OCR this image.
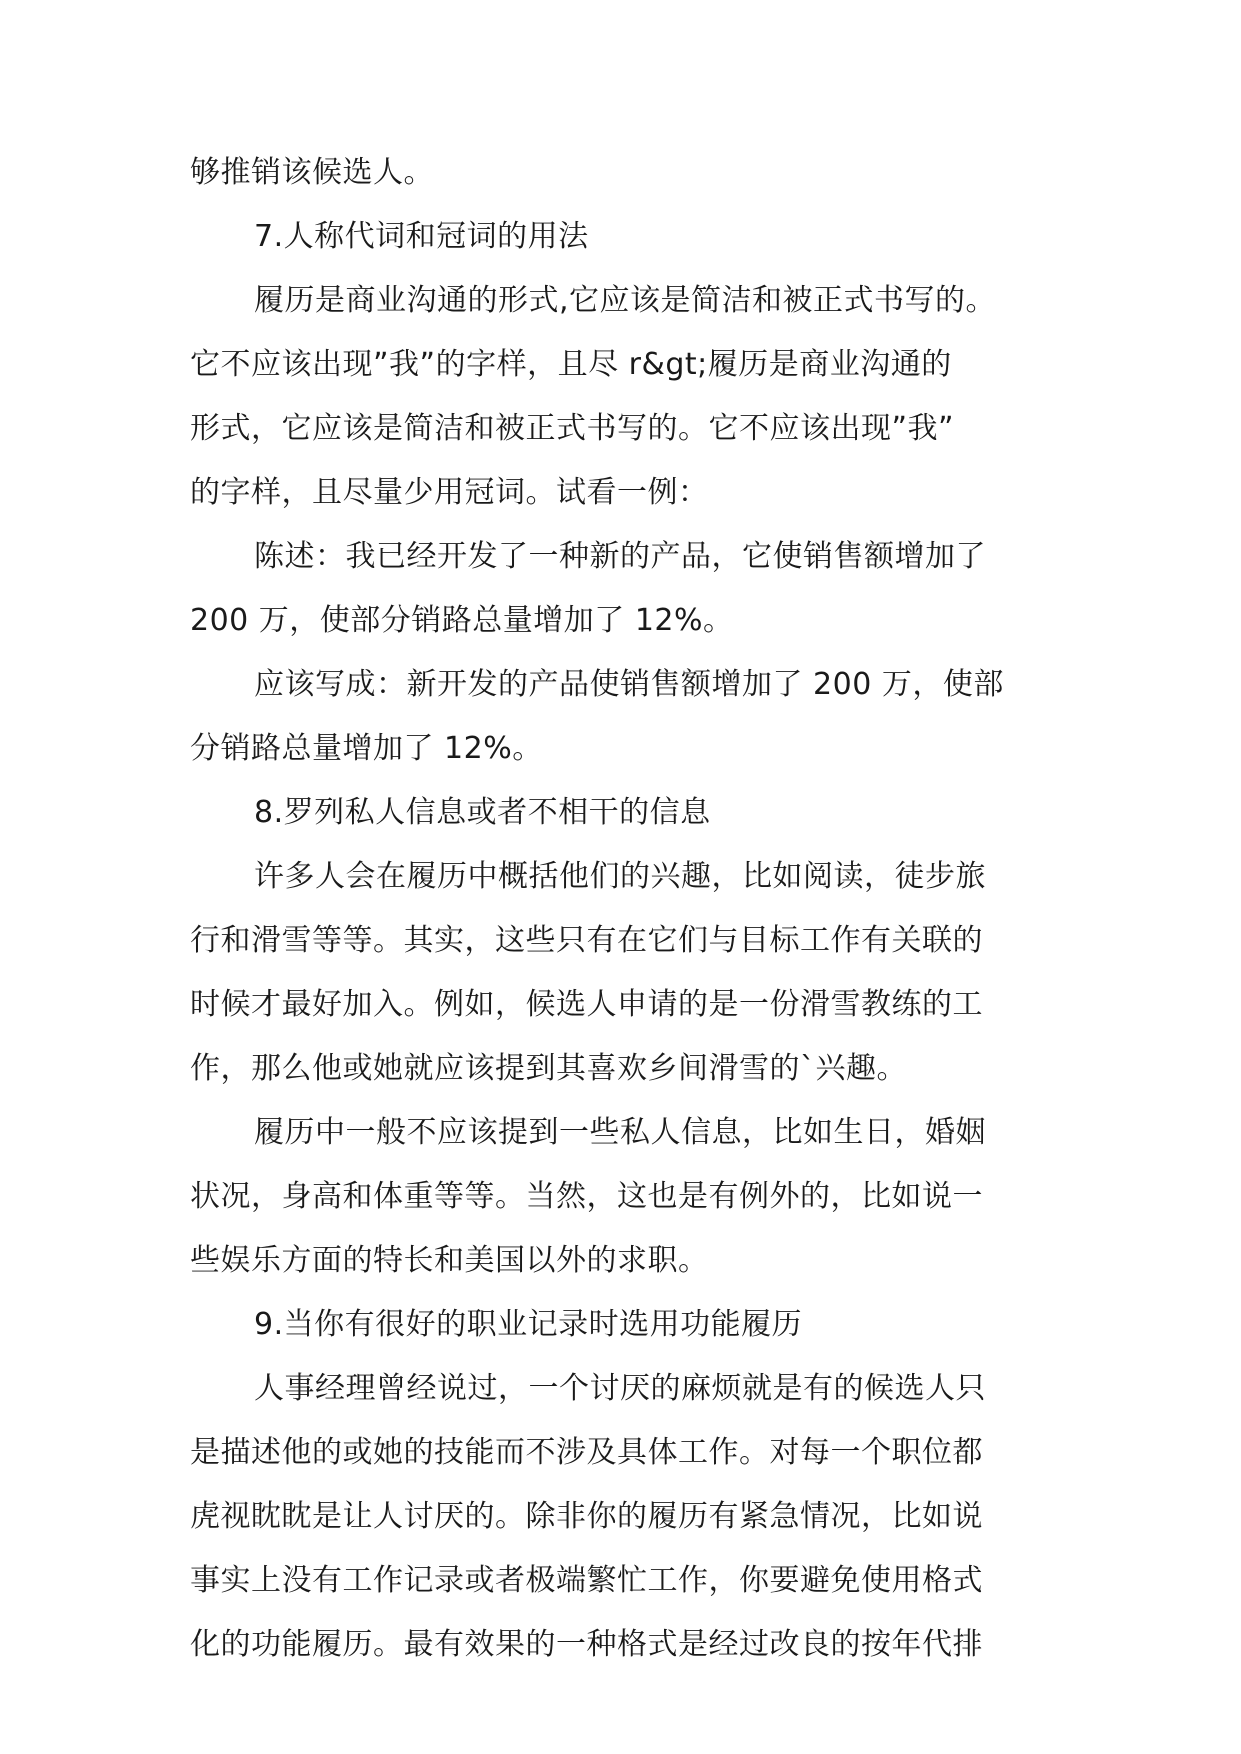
够推销该候选人。
7.人称代词和冠词的用法
履历是商业沟通的形式,它应该是简洁和被正式书写的。
它不应该出现”我”的字样，且尽 r&gt;履历是商业沟通的
形式，它应该是简洁和被正式书写的。它不应该出现”我”
的字样，且尽量少用冠词。试看一例：
陈述：我已经开发了一种新的产品，它使销售额增加了
200 万，使部分销路总量增加了 12%。
应该写成：新开发的产品使销售额增加了 200 万，使部
分销路总量增加了 12%。
8.罗列私人信息或者不相干的信息
许多人会在履历中概括他们的兴趣，比如阅读，徒步旅
行和滑雪等等。其实，这些只有在它们与目标工作有关联的
时候才最好加入。例如，候选人申请的是一份滑雪教练的工
作，那么他或她就应该提到其喜欢乡间滑雪的`兴趣。
履历中一般不应该提到一些私人信息，比如生日，婚姻
状况，身高和体重等等。当然，这也是有例外的，比如说一
些娱乐方面的特长和美国以外的求职。
9.当你有很好的职业记录时选用功能履历
人事经理曾经说过，一个讨厌的麻烦就是有的候选人只
是描述他的或她的技能而不涉及具体工作。对每一个职位都
虎视眈眈是让人讨厌的。除非你的履历有紧急情况，比如说
事实上没有工作记录或者极端繁忙工作，你要避免使用格式
化的功能履历。最有效果的一种格式是经过改良的按年代排
